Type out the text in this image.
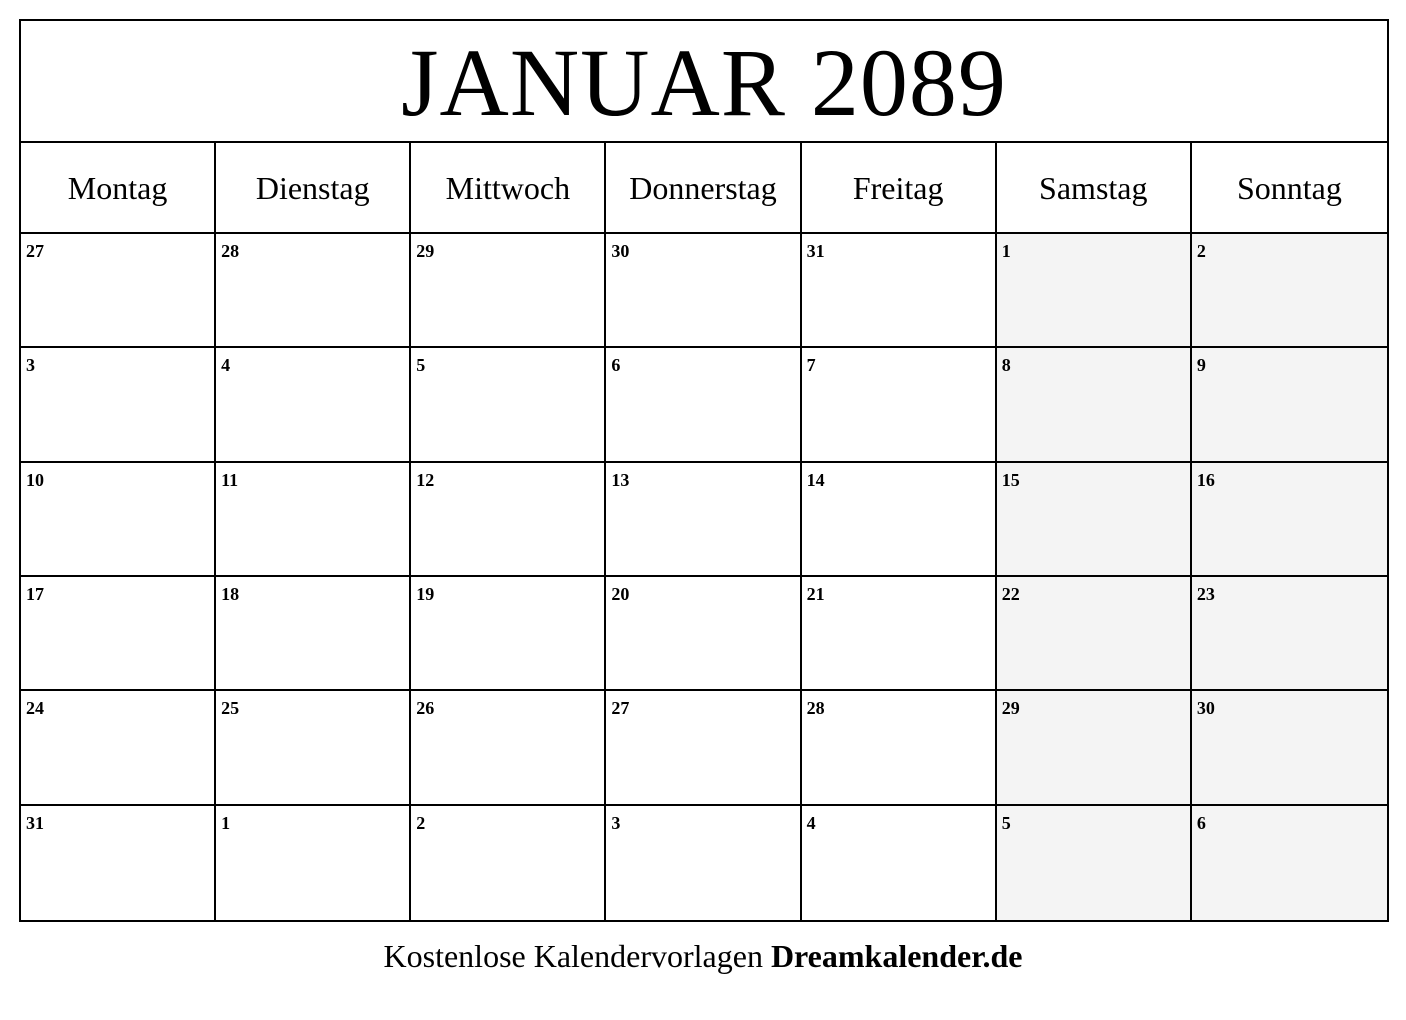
JANUAR 2089
Montag	Dienstag	Mittwoch	Donnerstag	Freitag	Samstag	Sonntag
27	28	29	30	31	1	2
3	4	5	6	7	8	9
10	11	12	13	14	15	16
17	18	19	20	21	22	23
24	25	26	27	28	29	30
31	1	2	3	4	5	6
Kostenlose Kalendervorlagen Dreamkalender.de
